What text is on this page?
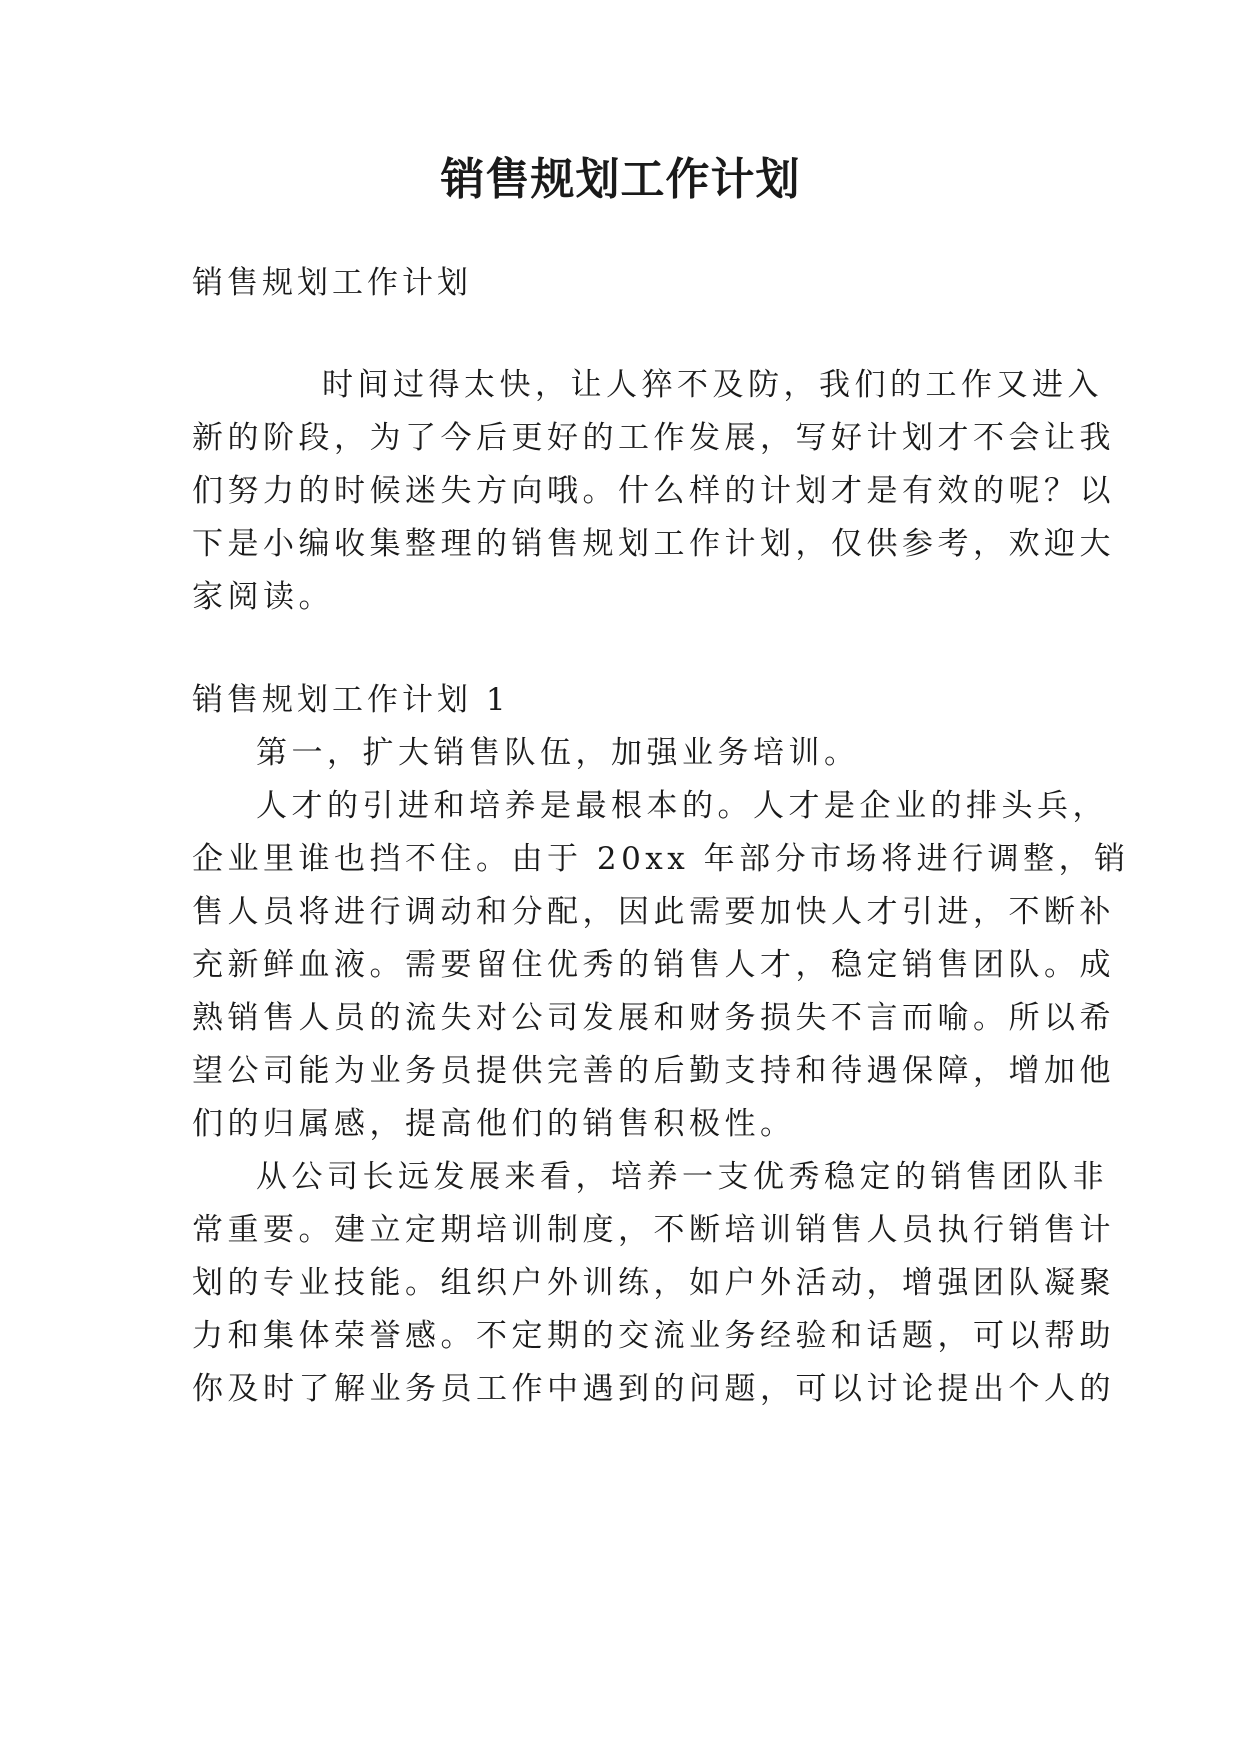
销售规划工作计划

销售规划工作计划

时间过得太快，让人猝不及防，我们的工作又进入

新的阶段，为了今后更好的工作发展，写好计划才不会让我

们努力的时候迷失方向哦。什么样的计划才是有效的呢？以

下是小编收集整理的销售规划工作计划，仅供参考，欢迎大

家阅读。

销售规划工作计划 1

第一，扩大销售队伍，加强业务培训。

人才的引进和培养是最根本的。人才是企业的排头兵，

企业里谁也挡不住。由于 20xx 年部分市场将进行调整，销

售人员将进行调动和分配，因此需要加快人才引进，不断补

充新鲜血液。需要留住优秀的销售人才，稳定销售团队。成

熟销售人员的流失对公司发展和财务损失不言而喻。所以希

望公司能为业务员提供完善的后勤支持和待遇保障，增加他

们的归属感，提高他们的销售积极性。

从公司长远发展来看，培养一支优秀稳定的销售团队非

常重要。建立定期培训制度，不断培训销售人员执行销售计

划的专业技能。组织户外训练，如户外活动，增强团队凝聚

力和集体荣誉感。不定期的交流业务经验和话题，可以帮助

你及时了解业务员工作中遇到的问题，可以讨论提出个人的
